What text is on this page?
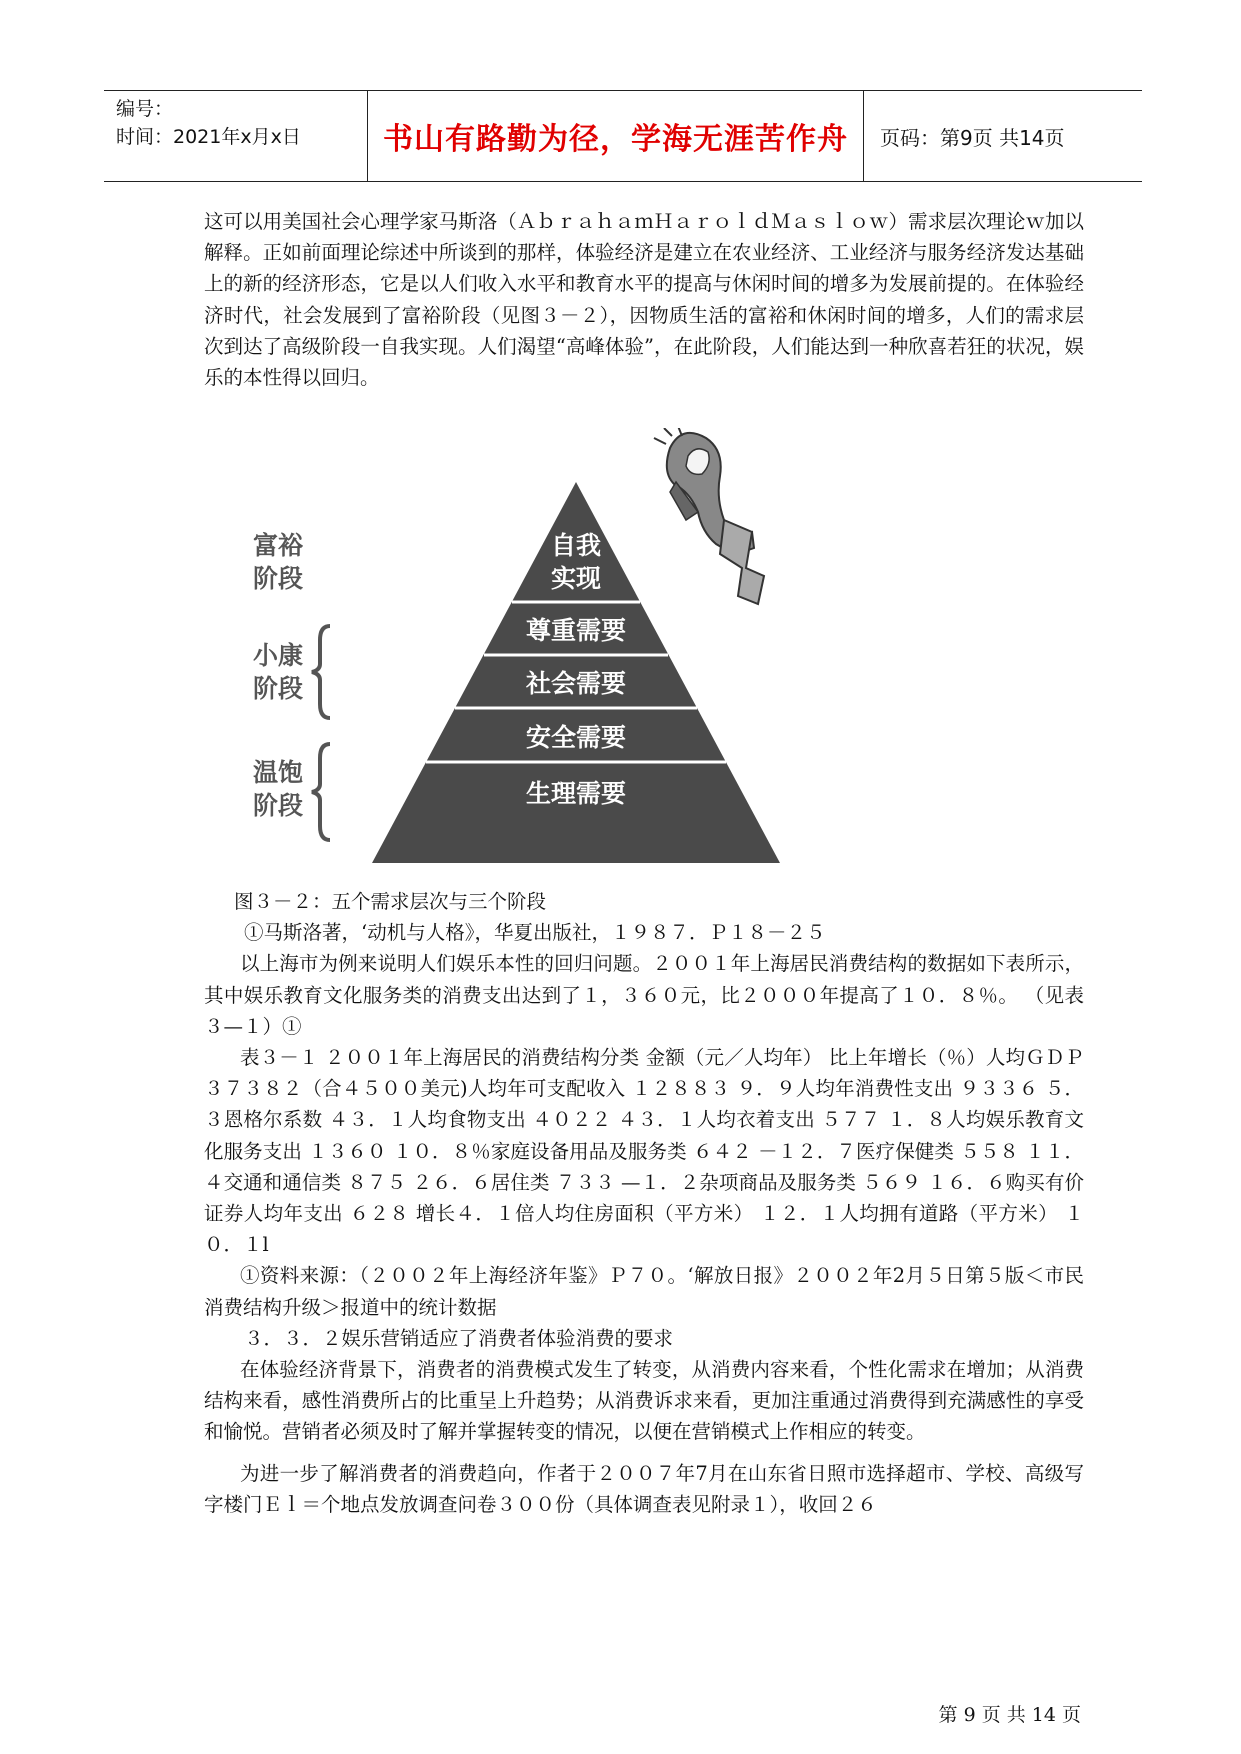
编号：
时间：2021年x月x日	书山有路勤为径，学海无涯苦作舟	页码：第9页 共14页

这可以用美国社会心理学家马斯洛（ＡｂｒａｈａｍＨａｒｏｌｄＭａｓｌｏｗ）需求层次理论ｗ加以解释。正如前面理论综述中所谈到的那样，体验经济是建立在农业经济、工业经济与服务经济发达基础上的新的经济形态，它是以人们收入水平和教育水平的提高与休闲时间的增多为发展前提的。在体验经济时代，社会发展到了富裕阶段（见图３－２），因物质生活的富裕和休闲时间的增多，人们的需求层次到达了高级阶段一自我实现。人们渴望“高峰体验”，在此阶段，人们能达到一种欣喜若狂的状况，娱乐的本性得以回归。

自我
实现
尊重需要
社会需要
安全需要
生理需要
富裕
阶段
小康
阶段
温饱
阶段

图３－２：五个需求层次与三个阶段

①马斯洛著，‘动机与人格》，华夏出版社，１９８７．Ｐ１８－２５

以上海市为例来说明人们娱乐本性的回归问题。２００１年上海居民消费结构的数据如下表所示，其中娱乐教育文化服务类的消费支出达到了１，３６０元，比２０００年提高了１０．８％。 （见表３—１）①

表３－１ ２００１年上海居民的消费结构分类 金额（元／人均年） 比上年增长（％）人均ＧＤＰ ３７３８２（合４５００美元)人均年可支配收入 １２８８３ ９．９人均年消费性支出 ９３３６ ５．３恩格尔系数 ４３．１人均食物支出 ４０２２ ４３．１人均衣着支出 ５７７ １．８人均娱乐教育文化服务支出 １３６０ １０．８％家庭设备用品及服务类 ６４２ －１２．７医疗保健类 ５５８ １１．４交通和通信类 ８７５ ２６．６居住类 ７３３ —１．２杂项商品及服务类 ５６９ １６．６购买有价证券人均年支出 ６２８ 增长４．１倍人均住房面积（平方米） １２．１人均拥有道路（平方米） １０．１l

①资料来源：（２００２年上海经济年鉴》Ｐ７０。‘解放日报》２００２年2月５日第５版＜市民消费结构升级＞报道中的统计数据

３．３．２娱乐营销适应了消费者体验消费的要求

在体验经济背景下，消费者的消费模式发生了转变，从消费内容来看，个性化需求在增加；从消费结构来看，感性消费所占的比重呈上升趋势；从消费诉求来看，更加注重通过消费得到充满感性的享受和愉悦。营销者必须及时了解并掌握转变的情况，以便在营销模式上作相应的转变。

为进一步了解消费者的消费趋向，作者于２００７年7月在山东省日照市选择超市、学校、高级写字楼门Ｅｌ＝个地点发放调查问卷３００份（具体调查表见附录１），收回２６

第 9 页 共 14 页
